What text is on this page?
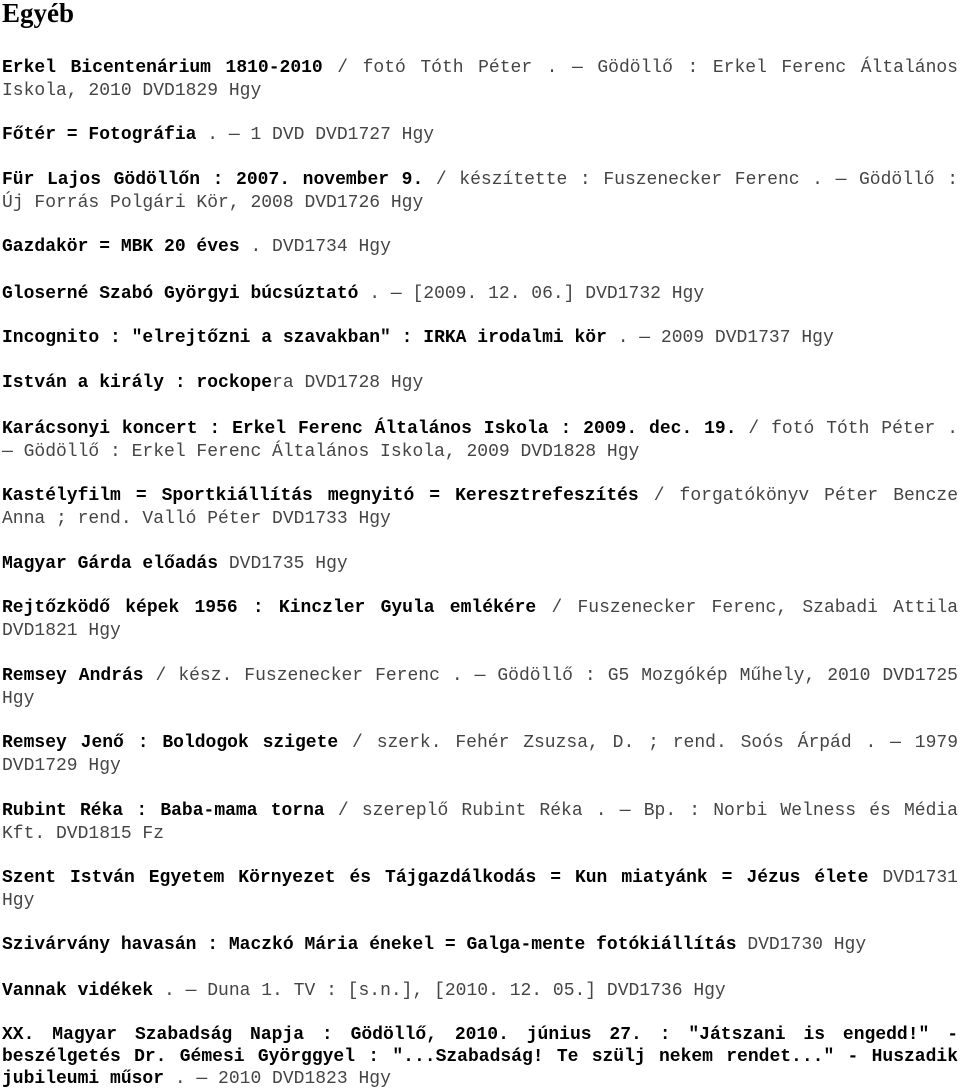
Egyéb

Erkel Bicentenárium 1810-2010 / fotó Tóth Péter . — Gödöllő : Erkel Ferenc Általános Iskola, 2010 DVD1829 Hgy

Főtér = Fotográfia . — 1 DVD DVD1727 Hgy

Für Lajos Gödöllőn : 2007. november 9. / készítette : Fuszenecker Ferenc . — Gödöllő : Új Forrás Polgári Kör, 2008 DVD1726 Hgy

Gazdakör = MBK 20 éves . DVD1734 Hgy

Gloserné Szabó Györgyi búcsúztató . — [2009. 12. 06.] DVD1732 Hgy

Incognito : "elrejtőzni a szavakban" : IRKA irodalmi kör . — 2009 DVD1737 Hgy

István a király : rockopera DVD1728 Hgy

Karácsonyi koncert : Erkel Ferenc Általános Iskola : 2009. dec. 19. / fotó Tóth Péter . — Gödöllő : Erkel Ferenc Általános Iskola, 2009 DVD1828 Hgy

Kastélyfilm = Sportkiállítás megnyitó = Keresztrefeszítés / forgatókönyv Péter Bencze Anna ; rend. Valló Péter DVD1733 Hgy

Magyar Gárda előadás DVD1735 Hgy

Rejtőzködő képek 1956 : Kinczler Gyula emlékére / Fuszenecker Ferenc, Szabadi Attila DVD1821 Hgy

Remsey András / kész. Fuszenecker Ferenc . — Gödöllő : G5 Mozgókép Műhely, 2010 DVD1725 Hgy

Remsey Jenő : Boldogok szigete / szerk. Fehér Zsuzsa, D. ; rend. Soós Árpád . — 1979 DVD1729 Hgy

Rubint Réka : Baba-mama torna / szereplő Rubint Réka . — Bp. : Norbi Welness és Média Kft. DVD1815 Fz

Szent István Egyetem Környezet és Tájgazdálkodás = Kun miatyánk = Jézus élete DVD1731 Hgy

Szivárvány havasán : Maczkó Mária énekel = Galga-mente fotókiállítás DVD1730 Hgy

Vannak vidékek . — Duna 1. TV : [s.n.], [2010. 12. 05.] DVD1736 Hgy

XX. Magyar Szabadság Napja : Gödöllő, 2010. június 27. : "Játszani is engedd!" - beszélgetés Dr. Gémesi Györggyel : "...Szabadság! Te szülj nekem rendet..." - Huszadik jubileumi műsor . — 2010 DVD1823 Hgy
